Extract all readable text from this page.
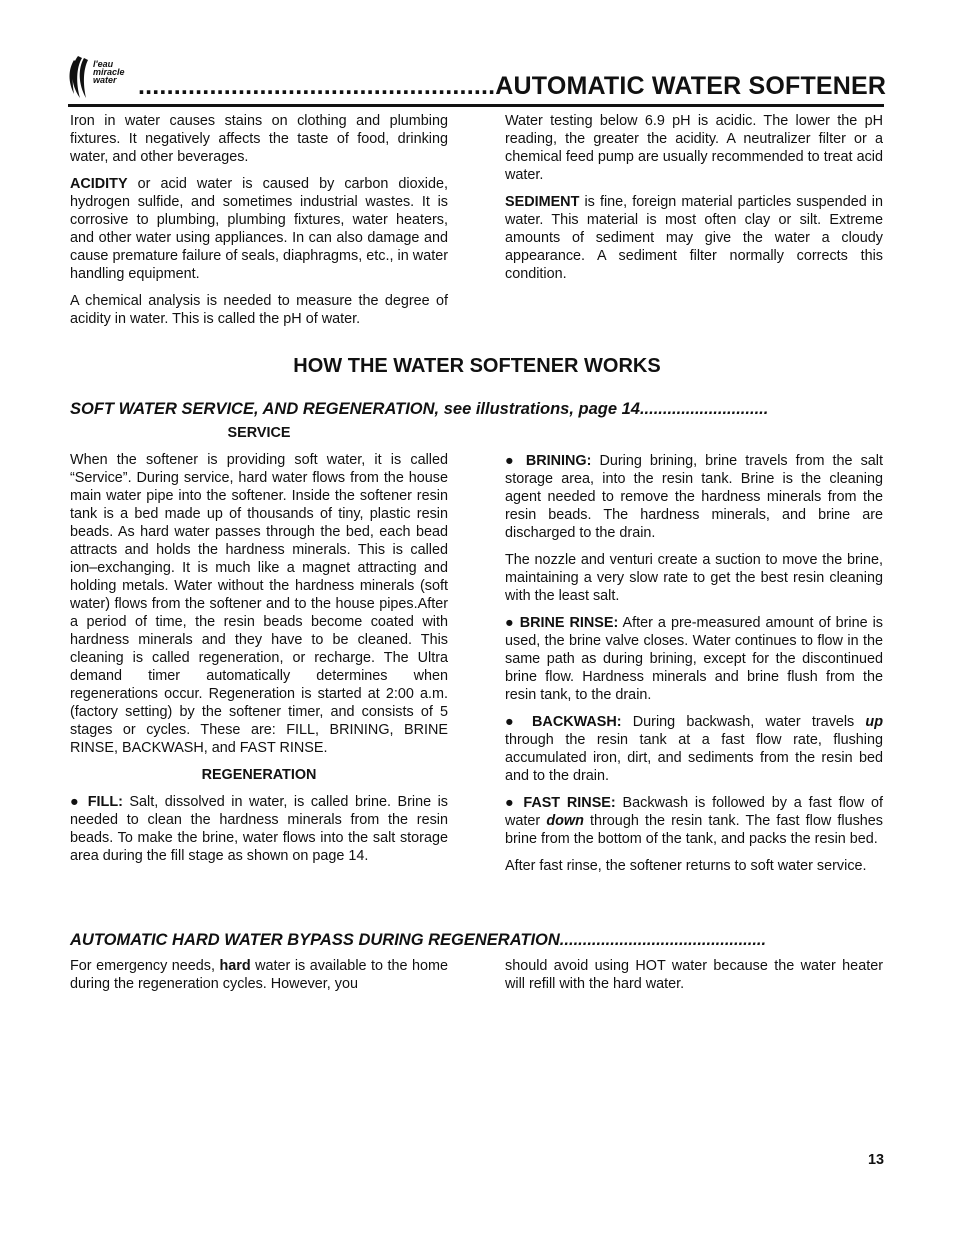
l'eau
miracle
water ..................................................AUTOMATIC WATER SOFTENER

Iron in water causes stains on clothing and plumbing fixtures. It negatively affects the taste of food, drinking water, and other beverages.

ACIDITY or acid water is caused by carbon dioxide, hydrogen sulfide, and sometimes industrial wastes. It is corrosive to plumbing, plumbing fixtures, water heaters, and other water using appliances. In can also damage and cause premature failure of seals, diaphragms, etc., in water handling equipment.

A chemical analysis is needed to measure the degree of acidity in water. This is called the pH of water.

Water testing below 6.9 pH is acidic. The lower the pH reading, the greater the acidity. A neutralizer filter or a chemical feed pump are usually recommended to treat acid water.

SEDIMENT is fine, foreign material particles suspended in water. This material is most often clay or silt. Extreme amounts of sediment may give the water a cloudy appearance. A sediment filter normally corrects this condition.

HOW THE WATER SOFTENER WORKS
SOFT WATER SERVICE, AND REGENERATION, see illustrations, page 14............................
SERVICE

When the softener is providing soft water, it is called “Service”. During service, hard water flows from the house main water pipe into the softener. Inside the softener resin tank is a bed made up of thousands of tiny, plastic resin beads. As hard water passes through the bed, each bead attracts and holds the hardness minerals. This is called ion–exchanging. It is much like a magnet attracting and holding metals. Water without the hardness minerals (soft water) flows from the softener and to the house pipes.After a period of time, the resin beads become coated with hardness minerals and they have to be cleaned. This cleaning is called regeneration, or recharge. The Ultra demand timer automatically determines when regenerations occur. Regeneration is started at 2:00 a.m. (factory setting) by the softener timer, and consists of 5 stages or cycles. These are: FILL, BRINING, BRINE RINSE, BACKWASH, and FAST RINSE.

REGENERATION

● FILL: Salt, dissolved in water, is called brine. Brine is needed to clean the hardness minerals from the resin beads. To make the brine, water flows into the salt storage area during the fill stage as shown on page 14.

● BRINING: During brining, brine travels from the salt storage area, into the resin tank. Brine is the cleaning agent needed to remove the hardness minerals from the resin beads. The hardness minerals, and brine are discharged to the drain.

The nozzle and venturi create a suction to move the brine, maintaining a very slow rate to get the best resin cleaning with the least salt.

● BRINE RINSE: After a pre-measured amount of brine is used, the brine valve closes. Water continues to flow in the same path as during brining, except for the discontinued brine flow. Hardness minerals and brine flush from the resin tank, to the drain.

● BACKWASH: During backwash, water travels up through the resin tank at a fast flow rate, flushing accumulated iron, dirt, and sediments from the resin bed and to the drain.

● FAST RINSE: Backwash is followed by a fast flow of water down through the resin tank. The fast flow flushes brine from the bottom of the tank, and packs the resin bed.

After fast rinse, the softener returns to soft water service.

AUTOMATIC HARD WATER BYPASS DURING REGENERATION.............................................

For emergency needs, hard water is available to the home during the regeneration cycles. However, you

should avoid using HOT water because the water heater will refill with the hard water.

13
